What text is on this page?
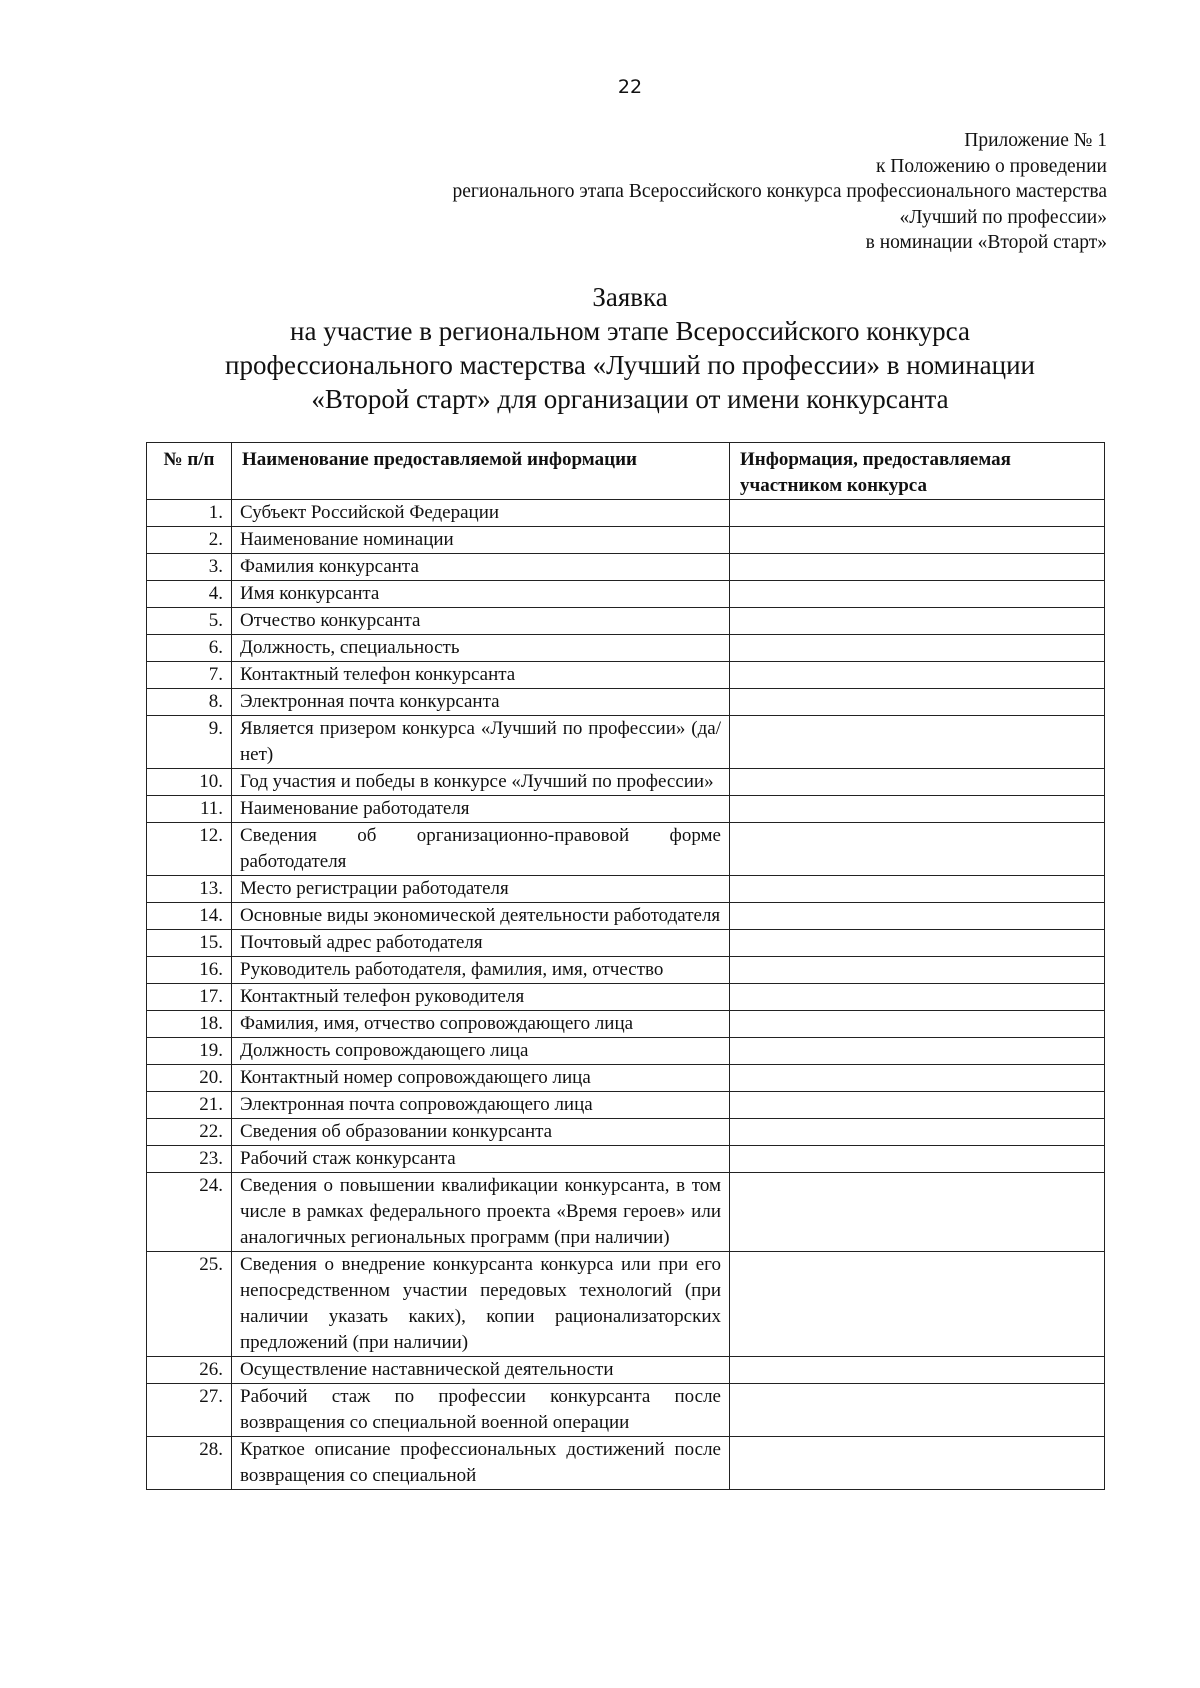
22
Приложение № 1
к Положению о проведении
регионального этапа Всероссийского конкурса профессионального мастерства
«Лучший по профессии»
в номинации «Второй старт»
Заявка
на участие в региональном этапе Всероссийского конкурса
профессионального мастерства «Лучший по профессии» в номинации
«Второй старт» для организации от имени конкурсанта
№ п/п	Наименование предоставляемой информации	Информация, предоставляемая участником конкурса
1.	Субъект Российской Федерации	
2.	Наименование номинации	
3.	Фамилия конкурсанта	
4.	Имя конкурсанта	
5.	Отчество конкурсанта	
6.	Должность, специальность	
7.	Контактный телефон конкурсанта	
8.	Электронная почта конкурсанта	
9.	Является призером конкурса «Лучший по профессии» (да/нет)	
10.	Год участия и победы в конкурсе «Лучший по профессии»	
11.	Наименование работодателя	
12.	Сведения об организационно-правовой форме работодателя	
13.	Место регистрации работодателя	
14.	Основные виды экономической деятельности работодателя	
15.	Почтовый адрес работодателя	
16.	Руководитель работодателя, фамилия, имя, отчество	
17.	Контактный телефон руководителя	
18.	Фамилия, имя, отчество сопровождающего лица	
19.	Должность сопровождающего лица	
20.	Контактный номер сопровождающего лица	
21.	Электронная почта сопровождающего лица	
22.	Сведения об образовании конкурсанта	
23.	Рабочий стаж конкурсанта	
24.	Сведения о повышении квалификации конкурсанта, в том числе в рамках федерального проекта «Время героев» или аналогичных региональных программ (при наличии)	
25.	Сведения о внедрение конкурсанта конкурса или при его непосредственном участии передовых технологий (при наличии указать каких), копии рационализаторских предложений (при наличии)	
26.	Осуществление наставнической деятельности	
27.	Рабочий стаж по профессии конкурсанта после возвращения со специальной военной операции	
28.	Краткое описание профессиональных достижений после возвращения со специальной	
